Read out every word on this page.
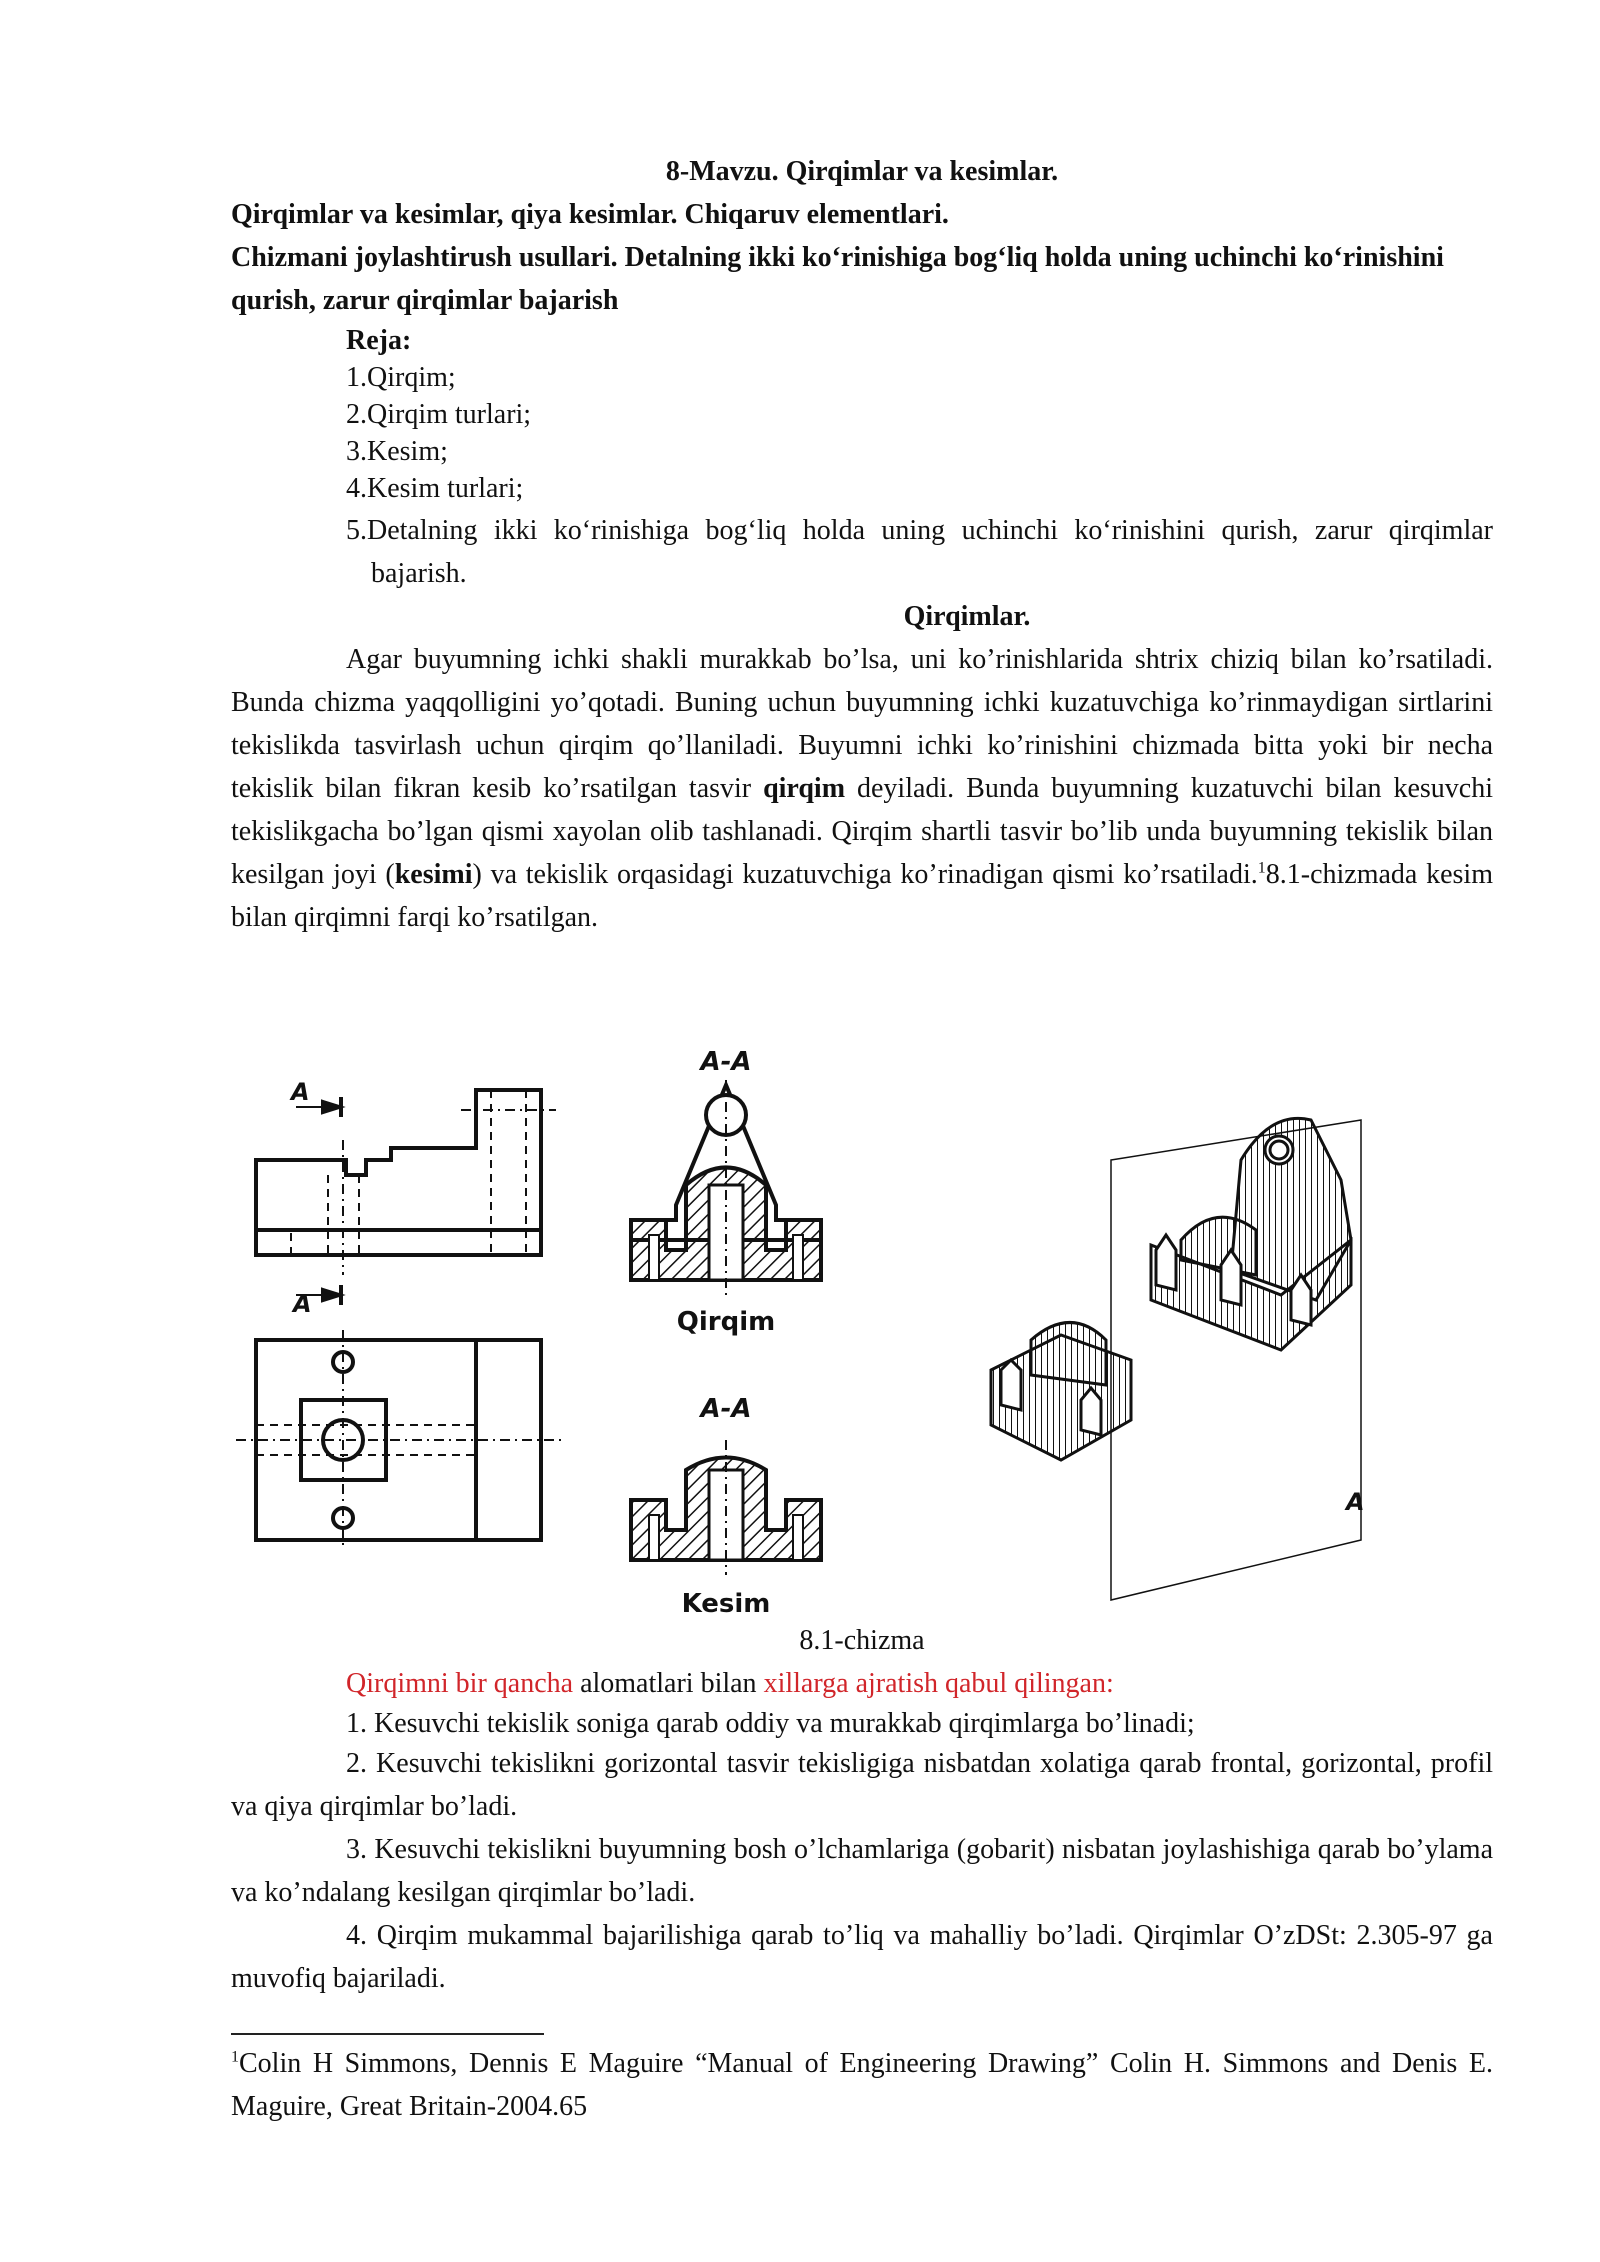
8-Mavzu. Qirqimlar va kesimlar.
Qirqimlar va kesimlar, qiya kesimlar. Chiqaruv elementlari.
Chizmani joylashtirush usullari. Detalning ikki ko‘rinishiga bog‘liq holda uning uchinchi ko‘rinishini qurish, zarur qirqimlar bajarish
Reja:
1.Qirqim;
2.Qirqim turlari;
3.Kesim;
4.Kesim turlari;
5.Detalning ikki ko‘rinishiga bog‘liq holda uning uchinchi ko‘rinishini qurish, zarur qirqimlar bajarish.
Qirqimlar.

Agar buyumning ichki shakli murakkab bo’lsa, uni ko’rinishlarida shtrix chiziq bilan ko’rsatiladi. Bunda chizma yaqqolligini yo’qotadi. Buning uchun buyumning ichki kuzatuvchiga ko’rinmaydigan sirtlarini tekislikda tasvirlash uchun qirqim qo’llaniladi. Buyumni ichki ko’rinishini chizmada bitta yoki bir necha tekislik bilan fikran kesib ko’rsatilgan tasvir qirqim deyiladi. Bunda buyumning kuzatuvchi bilan kesuvchi tekislikgacha bo’lgan qismi xayolan olib tashlanadi. Qirqim shartli tasvir bo’lib unda buyumning tekislik bilan kesilgan joyi (kesimi) va tekislik orqasidagi kuzatuvchiga ko’rinadigan qismi ko’rsatiladi.$^1$8.1-chizmada kesim bilan qirqimni farqi ko’rsatilgan.

A
A
A-A
Qirqim
A-A
Kesim
A
8.1-chizma

Qirqimni bir qancha alomatlari bilan xillarga ajratish qabul qilingan:

1. Kesuvchi tekislik soniga qarab oddiy va murakkab qirqimlarga bo’linadi;

2. Kesuvchi tekislikni gorizontal tasvir tekisligiga nisbatdan xolatiga qarab frontal, gorizontal, profil va qiya qirqimlar bo’ladi.

3. Kesuvchi tekislikni buyumning bosh o’lchamlariga (gobarit) nisbatan joylashishiga qarab bo’ylama va ko’ndalang kesilgan qirqimlar bo’ladi.

4. Qirqim mukammal bajarilishiga qarab to’liq va mahalliy bo’ladi. Qirqimlar O’zDSt: 2.305-97 ga muvofiq bajariladi.

$^1$Colin H Simmons, Dennis E Maguire “Manual of Engineering Drawing” Colin H. Simmons and Denis E. Maguire, Great Britain-2004.65
